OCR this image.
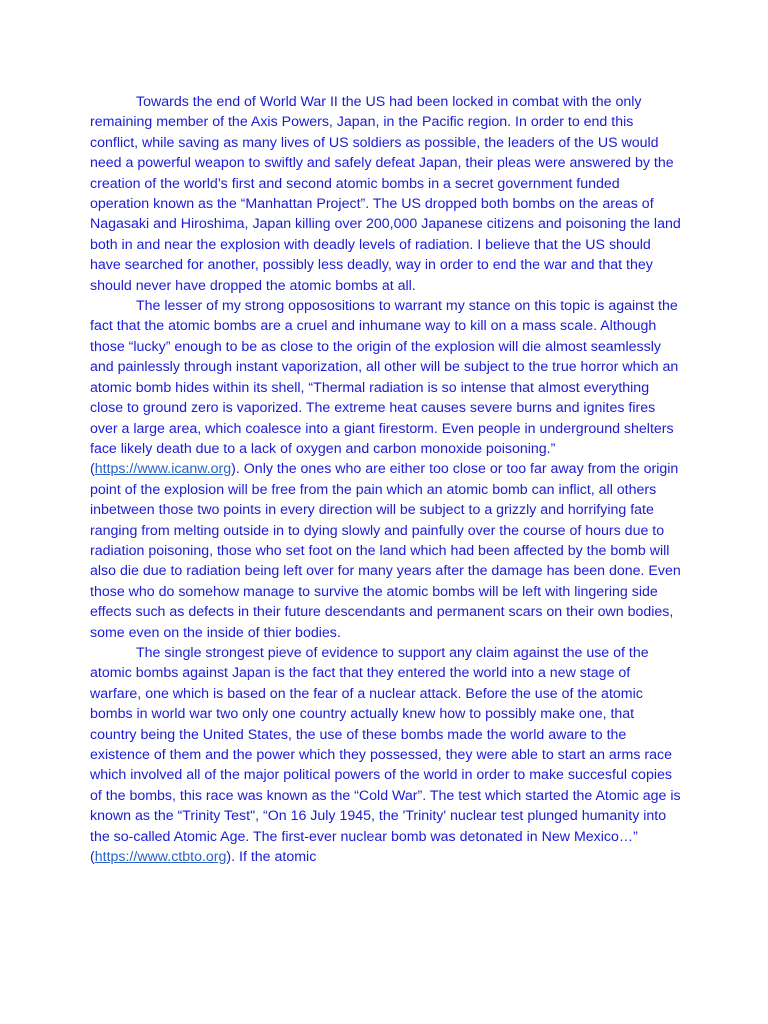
Towards the end of World War II the US had been locked in combat with the only remaining member of the Axis Powers, Japan, in the Pacific region. In order to end this conflict, while saving as many lives of US soldiers as possible, the leaders of the US would need a powerful weapon to swiftly and safely defeat Japan, their pleas were answered by the creation of the world’s first and second atomic bombs in a secret government funded operation known as the “Manhattan Project”. The US dropped both bombs on the areas of Nagasaki and Hiroshima, Japan killing over 200,000 Japanese citizens and poisoning the land both in and near the explosion with deadly levels of radiation. I believe that the US should have searched for another, possibly less deadly, way in order to end the war and that they should never have dropped the atomic bombs at all.

The lesser of my strong opposositions to warrant my stance on this topic is against the fact that the atomic bombs are a cruel and inhumane way to kill on a mass scale. Although those “lucky” enough to be as close to the origin of the explosion will die almost seamlessly and painlessly through instant vaporization, all other will be subject to the true horror which an atomic bomb hides within its shell, “Thermal radiation is so intense that almost everything close to ground zero is vaporized. The extreme heat causes severe burns and ignites fires over a large area, which coalesce into a giant firestorm. Even people in underground shelters face likely death due to a lack of oxygen and carbon monoxide poisoning.” (https://www.icanw.org). Only the ones who are either too close or too far away from the origin point of the explosion will be free from the pain which an atomic bomb can inflict, all others inbetween those two points in every direction will be subject to a grizzly and horrifying fate ranging from melting outside in to dying slowly and painfully over the course of hours due to radiation poisoning, those who set foot on the land which had been affected by the bomb will also die due to radiation being left over for many years after the damage has been done. Even those who do somehow manage to survive the atomic bombs will be left with lingering side effects such as defects in their future descendants and permanent scars on their own bodies, some even on the inside of thier bodies.

The single strongest pieve of evidence to support any claim against the use of the atomic bombs against Japan is the fact that they entered the world into a new stage of warfare, one which is based on the fear of a nuclear attack. Before the use of the atomic bombs in world war two only one country actually knew how to possibly make one, that country being the United States, the use of these bombs made the world aware to the existence of them and the power which they possessed, they were able to start an arms race which involved all of the major political powers of the world in order to make succesful copies of the bombs, this race was known as the “Cold War”. The test which started the Atomic age is known as the “Trinity Test", “On 16 July 1945, the 'Trinity' nuclear test plunged humanity into the so-called Atomic Age. The first-ever nuclear bomb was detonated in New Mexico…” (https://www.ctbto.org). If the atomic
